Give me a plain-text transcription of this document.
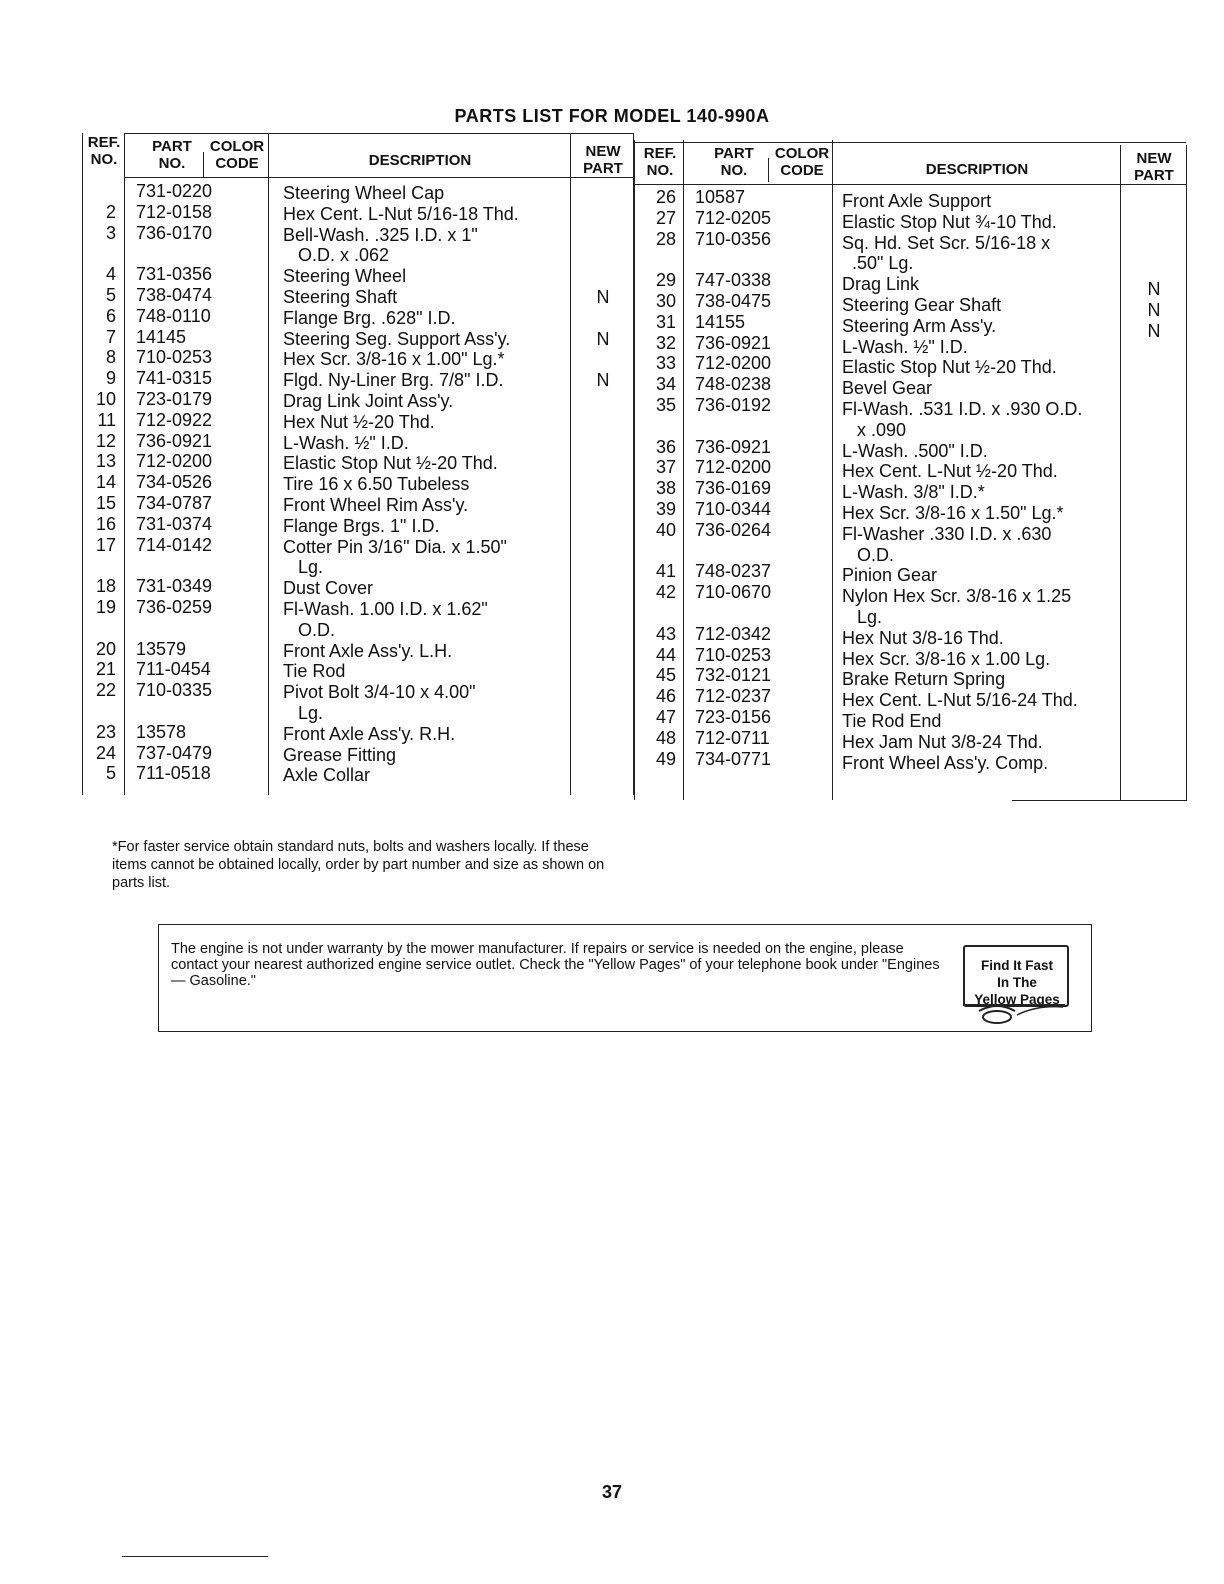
PARTS LIST FOR MODEL 140-990A
REF.
NO.
PART
NO.
COLOR
CODE	DESCRIPTION
NEW
PART
REF.
NO.
PART
NO.
COLOR
CODE	DESCRIPTION
NEW
PART

2
3

4
5
6
7
8
9
10
11
12
13
14
15
16
17

18
19

20
21
22

23
24
5
731-0220
712-0158
736-0170

731-0356
738-0474
748-0110
14145
710-0253
741-0315
723-0179
712-0922
736-0921
712-0200
734-0526
734-0787
731-0374
714-0142

731-0349
736-0259

13579
711-0454
710-0335

13578
737-0479
711-0518
Steering Wheel Cap
Hex Cent. L-Nut 5/16-18 Thd.
Bell-Wash. .325 I.D. x 1"
O.D. x .062
Steering Wheel
Steering Shaft
Flange Brg. .628" I.D.
Steering Seg. Support Ass'y.
Hex Scr. 3/8-16 x 1.00" Lg.*
Flgd. Ny-Liner Brg. 7/8" I.D.
Drag Link Joint Ass'y.
Hex Nut ½-20 Thd.
L-Wash. ½" I.D.
Elastic Stop Nut ½-20 Thd.
Tire 16 x 6.50 Tubeless
Front Wheel Rim Ass'y.
Flange Brgs. 1" I.D.
Cotter Pin 3/16" Dia. x 1.50"
Lg.
Dust Cover
Fl-Wash. 1.00 I.D. x 1.62"
O.D.
Front Axle Ass'y. L.H.
Tie Rod
Pivot Bolt 3/4-10 x 4.00"
Lg.
Front Axle Ass'y. R.H.
Grease Fitting
Axle Collar

N

N

N

26
27
28

29
30
31
32
33
34
35

36
37
38
39
40

41
42

43
44
45
46
47
48
49
10587
712-0205
710-0356

747-0338
738-0475
14155
736-0921
712-0200
748-0238
736-0192

736-0921
712-0200
736-0169
710-0344
736-0264

748-0237
710-0670

712-0342
710-0253
732-0121
712-0237
723-0156
712-0711
734-0771
Front Axle Support
Elastic Stop Nut ¾-10 Thd.
Sq. Hd. Set Scr. 5/16-18 x
.50" Lg.
Drag Link
Steering Gear Shaft
Steering Arm Ass'y.
L-Wash. ½" I.D.
Elastic Stop Nut ½-20 Thd.
Bevel Gear
Fl-Wash. .531 I.D. x .930 O.D.
x .090
L-Wash. .500" I.D.
Hex Cent. L-Nut ½-20 Thd.
L-Wash. 3/8" I.D.*
Hex Scr. 3/8-16 x 1.50" Lg.*
Fl-Washer .330 I.D. x .630
O.D.
Pinion Gear
Nylon Hex Scr. 3/8-16 x 1.25
Lg.
Hex Nut 3/8-16 Thd.
Hex Scr. 3/8-16 x 1.00 Lg.
Brake Return Spring
Hex Cent. L-Nut 5/16-24 Thd.
Tie Rod End
Hex Jam Nut 3/8-24 Thd.
Front Wheel Ass'y. Comp.
N
N
N

*For faster service obtain standard nuts, bolts and washers locally. If these items cannot be obtained locally, order by part number and size as shown on parts list.
The engine is not under warranty by the mower manufacturer. If repairs or service is needed on the engine, please contact your nearest authorized engine service outlet. Check the "Yellow Pages" of your telephone book under "Engines — Gasoline."
Find It Fast
In The
Yellow Pages
37
